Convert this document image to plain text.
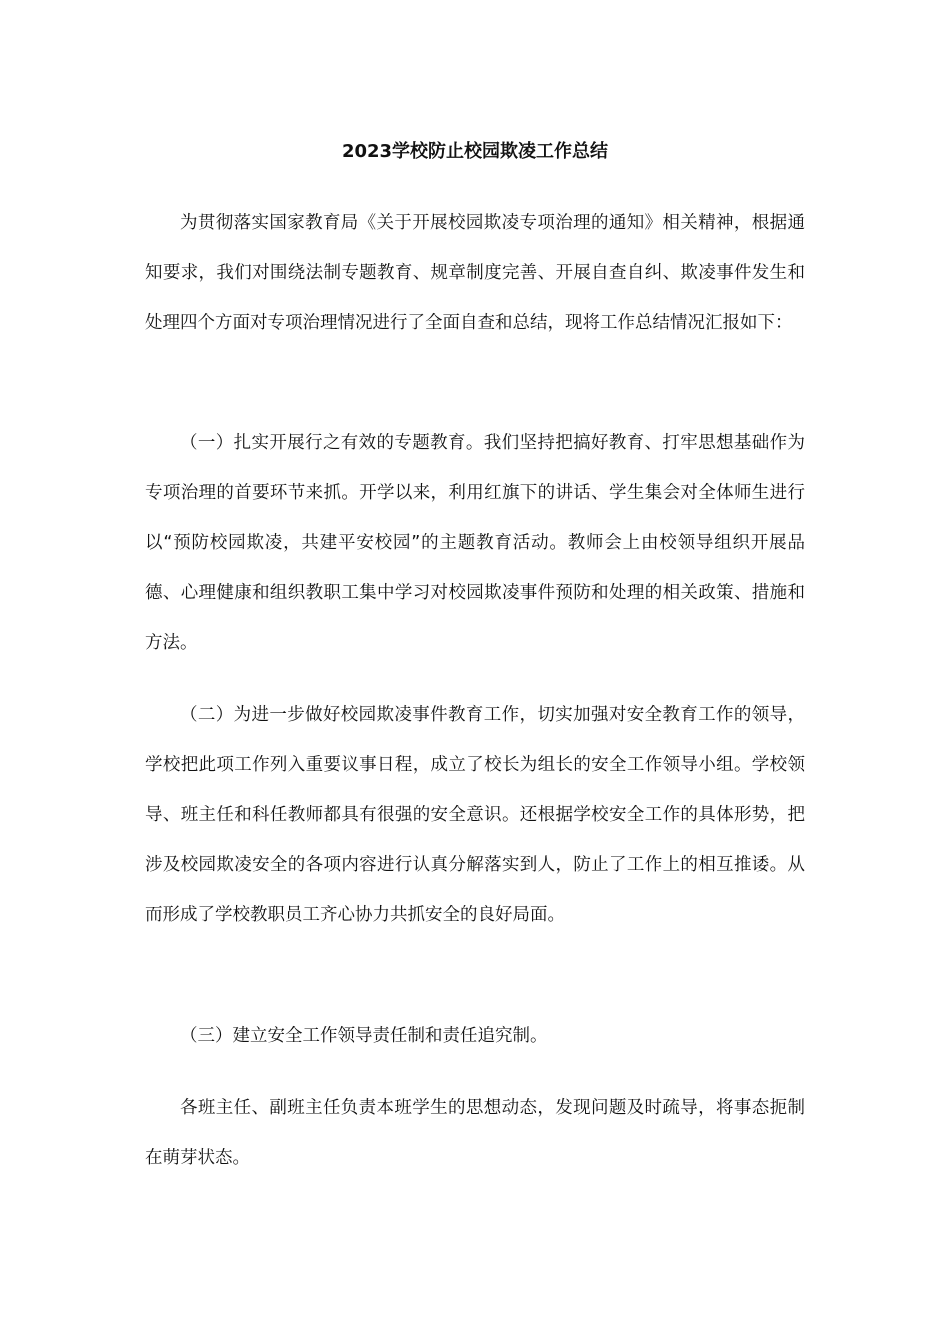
2023学校防止校园欺凌工作总结

为贯彻落实国家教育局《关于开展校园欺凌专项治理的通知》相关精神，根据通知要求，我们对围绕法制专题教育、规章制度完善、开展自查自纠、欺凌事件发生和处理四个方面对专项治理情况进行了全面自查和总结，现将工作总结情况汇报如下：

（一）扎实开展行之有效的专题教育。我们坚持把搞好教育、打牢思想基础作为专项治理的首要环节来抓。开学以来，利用红旗下的讲话、学生集会对全体师生进行以“预防校园欺凌，共建平安校园”的主题教育活动。教师会上由校领导组织开展品德、心理健康和组织教职工集中学习对校园欺凌事件预防和处理的相关政策、措施和方法。

（二）为进一步做好校园欺凌事件教育工作，切实加强对安全教育工作的领导，学校把此项工作列入重要议事日程，成立了校长为组长的安全工作领导小组。学校领导、班主任和科任教师都具有很强的安全意识。还根据学校安全工作的具体形势，把涉及校园欺凌安全的各项内容进行认真分解落实到人，防止了工作上的相互推诿。从而形成了学校教职员工齐心协力共抓安全的良好局面。

（三）建立安全工作领导责任制和责任追究制。

各班主任、副班主任负责本班学生的思想动态，发现问题及时疏导，将事态扼制在萌芽状态。
